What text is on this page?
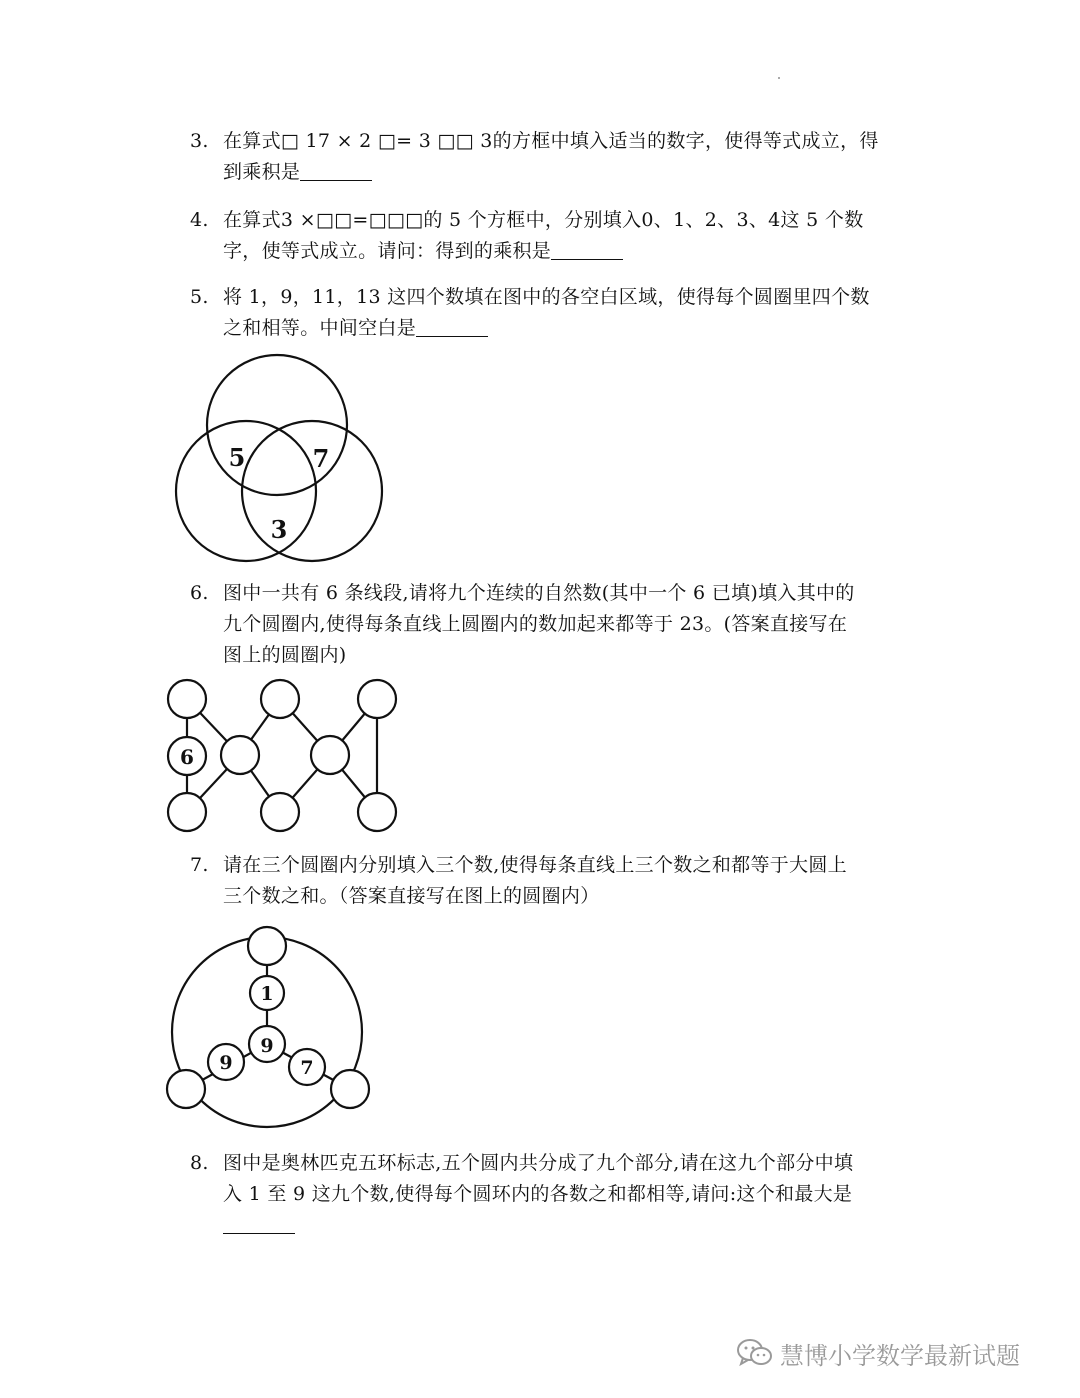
3. 在算式□ 17 × 2 □= 3 □□ 3的方框中填入适当的数字，使得等式成立，得
到乘积是
4. 在算式3 ×□□=□□□的 5 个方框中，分别填入0、1、2、3、4这 5 个数
字，使等式成立。请问：得到的乘积是
5. 将 1，9，11，13 这四个数填在图中的各空白区域，使得每个圆圈里四个数
之和相等。中间空白是
5	7
3
6. 图中一共有 6 条线段,请将九个连续的自然数(其中一个 6 已填)填入其中的
九个圆圈内,使得每条直线上圆圈内的数加起来都等于 23。(答案直接写在
图上的圆圈内)
6
7. 请在三个圆圈内分别填入三个数,使得每条直线上三个数之和都等于大圆上
三个数之和。（答案直接写在图上的圆圈内）
1
9
9	7
8. 图中是奥林匹克五环标志,五个圆内共分成了九个部分,请在这九个部分中填
入 1 至 9 这九个数,使得每个圆环内的各数之和都相等,请问:这个和最大是
慧博小学数学最新试题
